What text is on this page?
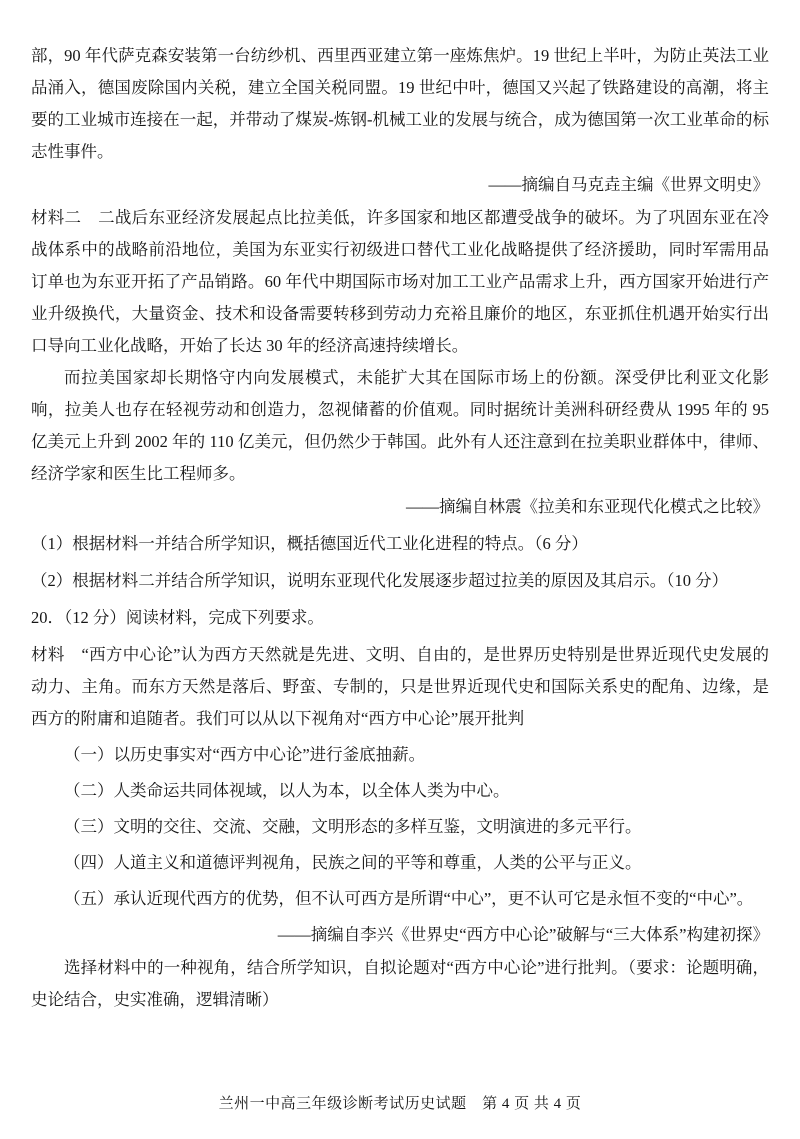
部，90 年代萨克森安装第一台纺纱机、西里西亚建立第一座炼焦炉。19 世纪上半叶，为防止英法工业品涌入，德国废除国内关税，建立全国关税同盟。19 世纪中叶，德国又兴起了铁路建设的高潮，将主要的工业城市连接在一起，并带动了煤炭-炼钢-机械工业的发展与统合，成为德国第一次工业革命的标志性事件。

——摘编自马克垚主编《世界文明史》

材料二　二战后东亚经济发展起点比拉美低，许多国家和地区都遭受战争的破坏。为了巩固东亚在冷战体系中的战略前沿地位，美国为东亚实行初级进口替代工业化战略提供了经济援助，同时军需用品订单也为东亚开拓了产品销路。60 年代中期国际市场对加工工业产品需求上升，西方国家开始进行产业升级换代，大量资金、技术和设备需要转移到劳动力充裕且廉价的地区，东亚抓住机遇开始实行出口导向工业化战略，开始了长达 30 年的经济高速持续增长。

而拉美国家却长期恪守内向发展模式，未能扩大其在国际市场上的份额。深受伊比利亚文化影响，拉美人也存在轻视劳动和创造力，忽视储蓄的价值观。同时据统计美洲科研经费从 1995 年的 95 亿美元上升到 2002 年的 110 亿美元，但仍然少于韩国。此外有人还注意到在拉美职业群体中，律师、经济学家和医生比工程师多。

——摘编自林震《拉美和东亚现代化模式之比较》

（1）根据材料一并结合所学知识，概括德国近代工业化进程的特点。（6 分）

（2）根据材料二并结合所学知识，说明东亚现代化发展逐步超过拉美的原因及其启示。（10 分）

20．（12 分）阅读材料，完成下列要求。

材料　“西方中心论”认为西方天然就是先进、文明、自由的，是世界历史特别是世界近现代史发展的动力、主角。而东方天然是落后、野蛮、专制的，只是世界近现代史和国际关系史的配角、边缘，是西方的附庸和追随者。我们可以从以下视角对“西方中心论”展开批判

（一）以历史事实对“西方中心论”进行釜底抽薪。

（二）人类命运共同体视域，以人为本，以全体人类为中心。

（三）文明的交往、交流、交融，文明形态的多样互鉴，文明演进的多元平行。

（四）人道主义和道德评判视角，民族之间的平等和尊重，人类的公平与正义。

（五）承认近现代西方的优势，但不认可西方是所谓“中心”，更不认可它是永恒不变的“中心”。

——摘编自李兴《世界史“西方中心论”破解与“三大体系”构建初探》

选择材料中的一种视角，结合所学知识，自拟论题对“西方中心论”进行批判。（要求：论题明确，史论结合，史实准确，逻辑清晰）

兰州一中高三年级诊断考试历史试题　第 4 页 共 4 页
